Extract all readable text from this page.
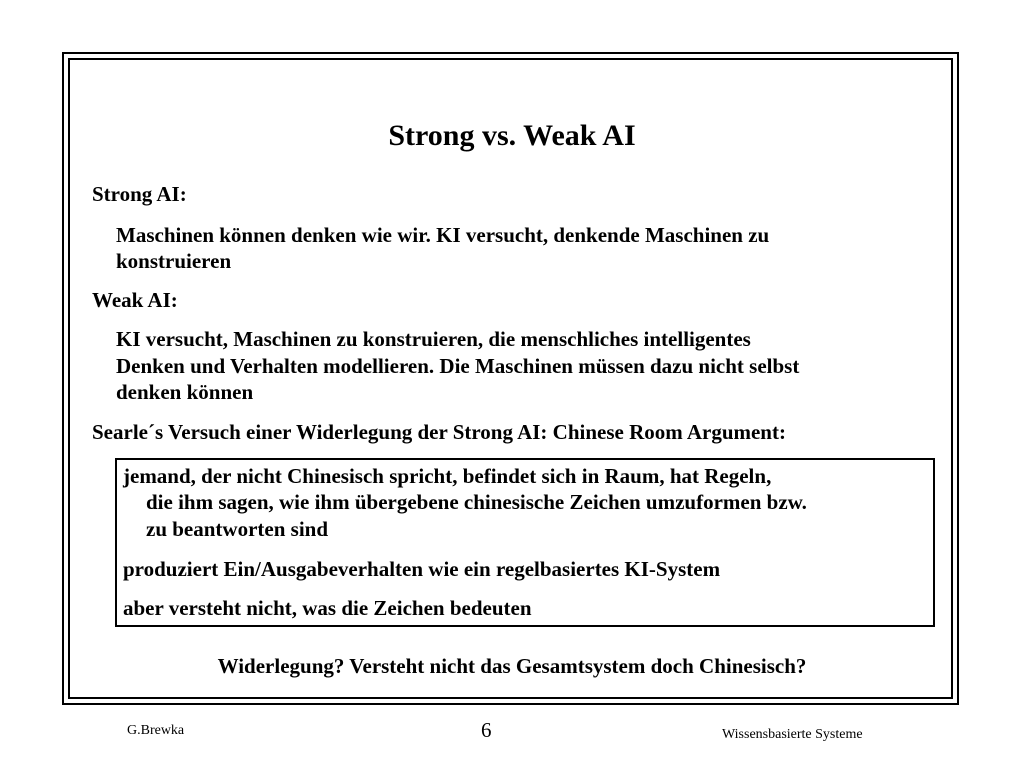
Strong vs. Weak AI
Strong AI:
Maschinen können denken wie wir. KI versucht, denkende Maschinen zu
konstruieren
Weak AI:
KI versucht, Maschinen zu konstruieren, die menschliches intelligentes
Denken und Verhalten modellieren. Die Maschinen müssen dazu nicht selbst
denken können
Searle´s Versuch einer Widerlegung der Strong AI: Chinese Room Argument:
jemand, der nicht Chinesisch spricht, befindet sich in Raum, hat Regeln,
die ihm sagen, wie ihm übergebene chinesische Zeichen umzuformen bzw.
zu beantworten sind
produziert Ein/Ausgabeverhalten wie ein regelbasiertes KI-System
aber versteht nicht, was die Zeichen bedeuten
Widerlegung? Versteht nicht das Gesamtsystem doch Chinesisch?
G.Brewka	6	Wissensbasierte Systeme
